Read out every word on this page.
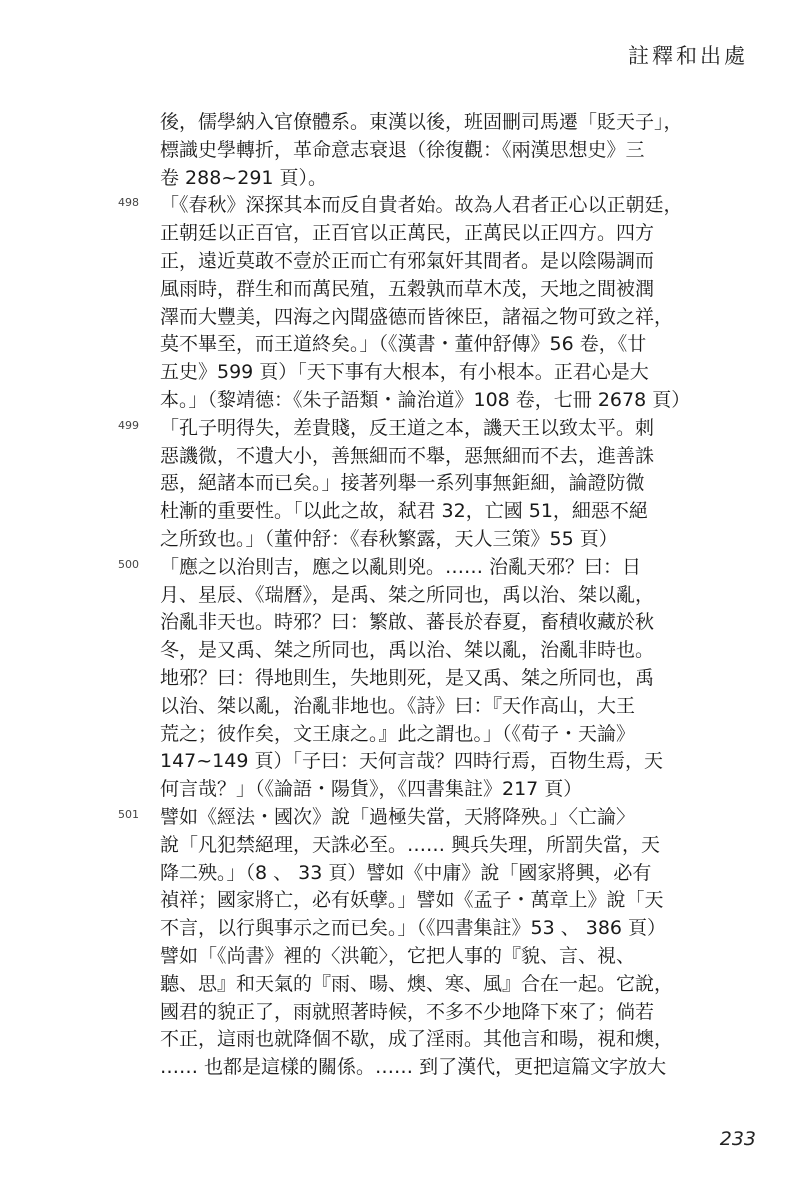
註釋和出處
後，儒學納入官僚體系。東漢以後，班固刪司馬遷「貶天子」，
標識史學轉折，革命意志衰退（徐復觀：《兩漢思想史》三
卷 288~291 頁）。
498 「《春秋》深探其本而反自貴者始。故為人君者正心以正朝廷，
正朝廷以正百官，正百官以正萬民，正萬民以正四方。四方
正，遠近莫敢不壹於正而亡有邪氣奸其間者。是以陰陽調而
風雨時，群生和而萬民殖，五穀孰而草木茂，天地之間被潤
澤而大豐美，四海之內聞盛德而皆徠臣，諸福之物可致之祥，
莫不畢至，而王道終矣。」（《漢書・董仲舒傳》56 卷，《廿
五史》599 頁）「天下事有大根本，有小根本。正君心是大
本。」（黎靖德：《朱子語類・論治道》108 卷，七冊 2678 頁）
499 「孔子明得失，差貴賤，反王道之本，譏天王以致太平。刺
惡譏微，不遺大小，善無細而不舉，惡無細而不去，進善誅
惡，絕諸本而已矣。」接著列舉一系列事無鉅細，論證防微
杜漸的重要性。「以此之故，弒君 32，亡國 51，細惡不絕
之所致也。」（董仲舒：《春秋繁露，天人三策》55 頁）
500 「應之以治則吉，應之以亂則兇。…… 治亂天邪？曰：日
月、星辰、《瑞曆》，是禹、桀之所同也，禹以治、桀以亂，
治亂非天也。時邪？曰：繁啟、蕃長於春夏，畜積收藏於秋
冬，是又禹、桀之所同也，禹以治、桀以亂，治亂非時也。
地邪？曰：得地則生，失地則死，是又禹、桀之所同也，禹
以治、桀以亂，治亂非地也。《詩》曰：『天作高山，大王
荒之；彼作矣，文王康之。』此之謂也。」（《荀子・天論》
147~149 頁）「子曰：天何言哉？四時行焉，百物生焉，天
何言哉？」（《論語・陽貨》，《四書集註》217 頁）
501 譬如《經法・國次》說「過極失當，天將降殃。」〈亡論〉
說「凡犯禁絕理，天誅必至。…… 興兵失理，所罰失當，天
降二殃。」（8 、 33 頁）譬如《中庸》說「國家將興，必有
禎祥；國家將亡，必有妖孽。」譬如《孟子・萬章上》說「天
不言，以行與事示之而已矣。」（《四書集註》53 、 386 頁）
譬如「《尚書》裡的〈洪範〉，它把人事的『貌、言、視、
聽、思』和天氣的『雨、暘、燠、寒、風』合在一起。它說，
國君的貌正了，雨就照著時候，不多不少地降下來了；倘若
不正，這雨也就降個不歇，成了淫雨。其他言和暘，視和燠，
…… 也都是這樣的關係。…… 到了漢代，更把這篇文字放大
233
